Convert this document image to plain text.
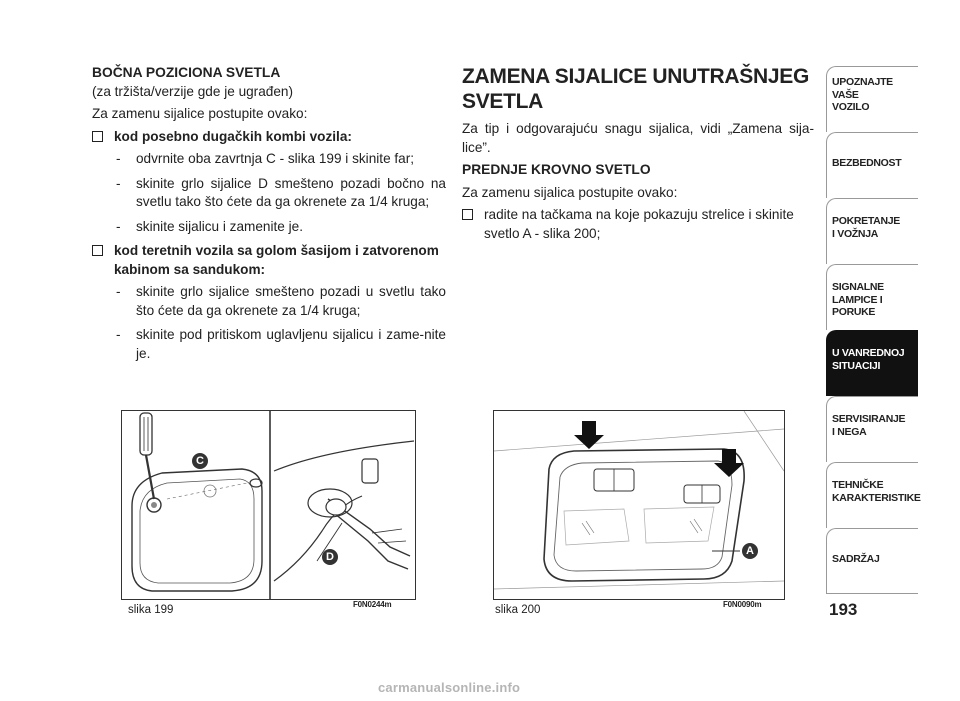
BOČNA POZICIONA SVETLA

(za tržišta/verzije gde je ugrađen)

Za zamenu sijalice postupite ovako:

kod posebno dugačkih kombi vozila:
- odvrnite oba zavrtnja C - slika 199 i skinite far;
- skinite grlo sijalice D smešteno pozadi bočno na svetlu tako što ćete da ga okrenete za 1/4 kruga;
- skinite sijalicu i zamenite je.
kod teretnih vozila sa golom šasijom i zatvorenom kabinom sa sandukom:
- skinite grlo sijalice smešteno pozadi u svetlu tako što ćete da ga okrenete za 1/4 kruga;
- skinite pod pritiskom uglavljenu sijalicu i zame-nite je.

ZAMENA SIJALICE UNUTRAŠNJEG SVETLA

Za tip i odgovarajuću snagu sijalica, vidi „Zamena sija-lice”.

PREDNJE KROVNO SVETLO

Za zamenu sijalica postupite ovako:

radite na tačkama na koje pokazuju strelice i skinite svetlo A - slika 200;
C
D
slika 199	F0N0244m
A
slika 200	F0N0090m
UPOZNAJTE
VAŠE
VOZILO
BEZBEDNOST
POKRETANJE
I VOŽNJA
SIGNALNE
LAMPICE I PORUKE
U VANREDNOJ
SITUACIJI
SERVISIRANJE
I NEGA
TEHNIČKE
KARAKTERISTIKE
SADRŽAJ
193
carmanualsonline.info
